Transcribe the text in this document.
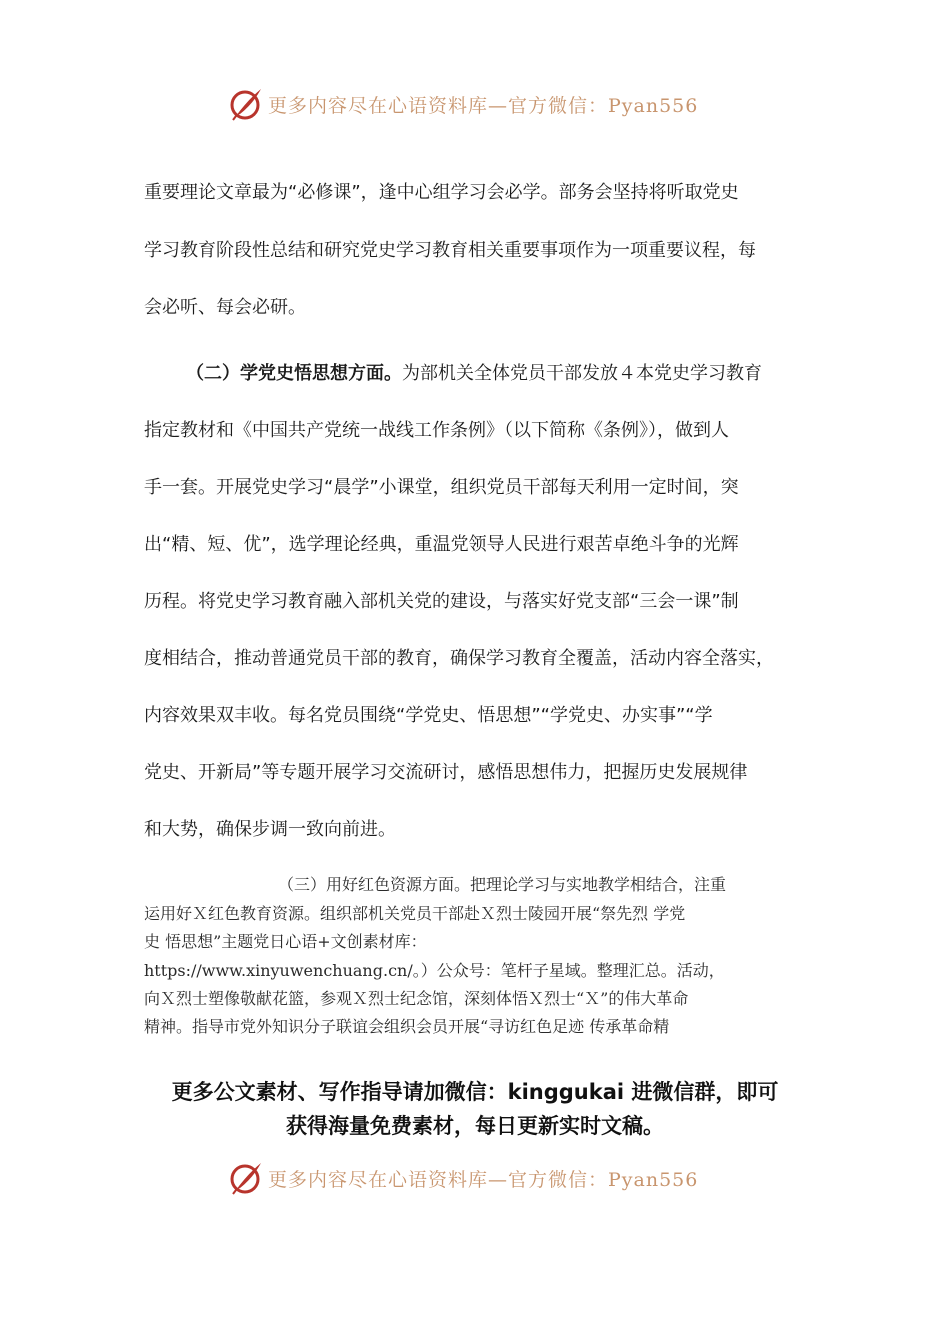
更多内容尽在心语资料库—官方微信：Pyan556
重要理论文章最为“必修课”，逢中心组学习会必学。部务会坚持将听取党史
学习教育阶段性总结和研究党史学习教育相关重要事项作为一项重要议程，每
会必听、每会必研。
（二）学党史悟思想方面。为部机关全体党员干部发放４本党史学习教育
指定教材和《中国共产党统一战线工作条例》（以下简称《条例》），做到人
手一套。开展党史学习“晨学”小课堂，组织党员干部每天利用一定时间，突
出“精、短、优”，选学理论经典，重温党领导人民进行艰苦卓绝斗争的光辉
历程。将党史学习教育融入部机关党的建设，与落实好党支部“三会一课”制
度相结合，推动普通党员干部的教育，确保学习教育全覆盖，活动内容全落实，
内容效果双丰收。每名党员围绕“学党史、悟思想”“学党史、办实事”“学
党史、开新局”等专题开展学习交流研讨，感悟思想伟力，把握历史发展规律
和大势，确保步调一致向前进。
（三）用好红色资源方面。把理论学习与实地教学相结合，注重
运用好Ｘ红色教育资源。组织部机关党员干部赴Ｘ烈士陵园开展“祭先烈 学党
史 悟思想”主题党日心语+文创素材库：
https://www.xinyuwenchuang.cn/。）公众号：笔杆子星域。整理汇总。活动，
向Ｘ烈士塑像敬献花篮，参观Ｘ烈士纪念馆，深刻体悟Ｘ烈士“Ｘ”的伟大革命
精神。指导市党外知识分子联谊会组织会员开展“寻访红色足迹 传承革命精
更多公文素材、写作指导请加微信：kinggukai 进微信群，即可
获得海量免费素材，每日更新实时文稿。
更多内容尽在心语资料库—官方微信：Pyan556
